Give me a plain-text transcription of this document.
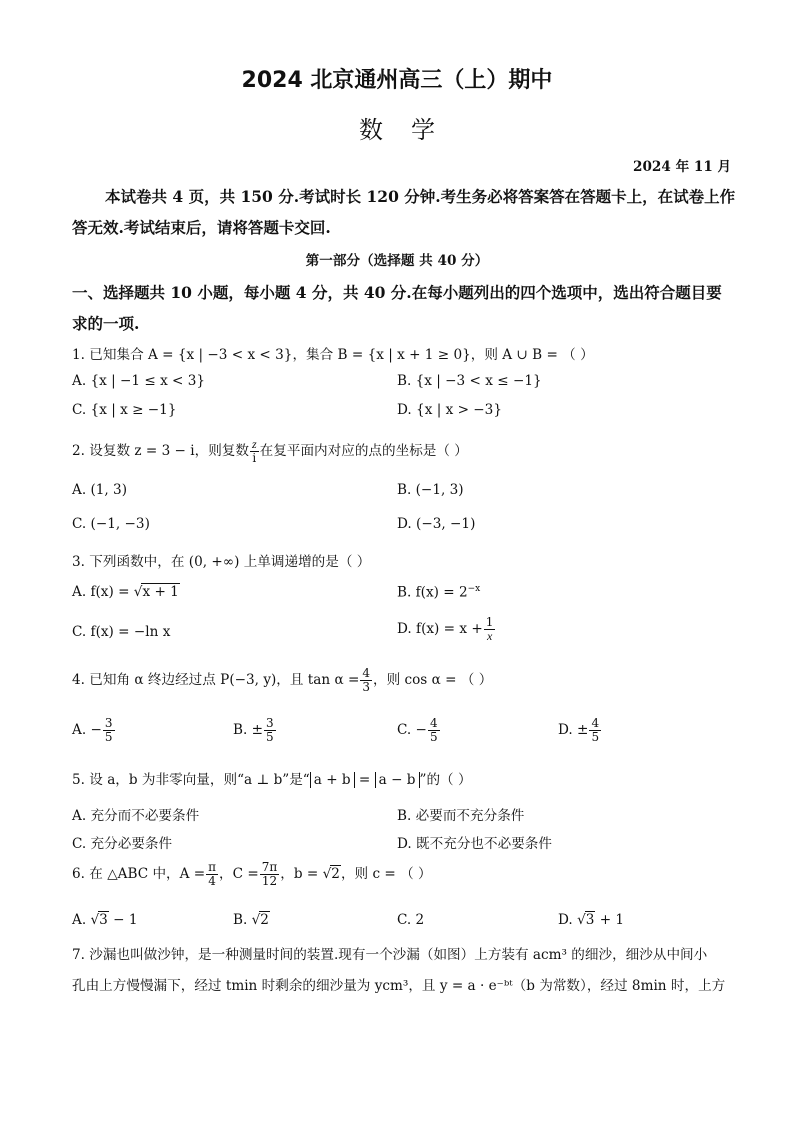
2024 北京通州高三（上）期中
数学
2024 年 11 月
本试卷共 4 页，共 150 分.考试时长 120 分钟.考生务必将答案答在答题卡上，在试卷上作
答无效.考试结束后，请将答题卡交回.
第一部分（选择题 共 40 分）
一、选择题共 10 小题，每小题 4 分，共 40 分.在每小题列出的四个选项中，选出符合题目要
求的一项.
1. 已知集合 A = {x | −3 < x < 3}，集合 B = {x | x + 1 ≥ 0}，则 A ∪ B = （ ）
A. {x | −1 ≤ x < 3}	B. {x | −3 < x ≤ −1}
C. {x | x ≥ −1}	D. {x | x > −3}
2. 设复数 z = 3 − i，则复数 $\frac{z}{i}$ 在复平面内对应的点的坐标是（ ）
A. (1, 3)	B. (−1, 3)
C. (−1, −3)	D. (−3, −1)
3. 下列函数中，在 (0, +∞) 上单调递增的是（ ）
A. f(x) = √x + 1	B. $f(x) = 2^{-x}$
C. f(x) = −ln x	D. $f(x) = x + \frac{1}{x}$
4. 已知角 α 终边经过点 P(−3, y)，且 $\tan \alpha = \frac{4}{3}$ ，则 cos α = （ ）
A. − $\frac{3}{5}$	B. ± $\frac{3}{5}$	C. − $\frac{4}{5}$	D. ± $\frac{4}{5}$
5. 设 a，b 为非零向量，则“a ⊥ b”是“ a + b = a − b ”的（ ）
A. 充分而不必要条件	B. 必要而不充分条件
C. 充分必要条件	D. 既不充分也不必要条件
6. 在 △ABC 中，$A = \frac{\pi}{4}$ ，$C = \frac{7\pi}{12}$ ，b = √2，则 c = （ ）
A. √3 − 1	B. √2	C. 2	D. √3 + 1
7. 沙漏也叫做沙钟，是一种测量时间的装置.现有一个沙漏（如图）上方装有 acm³ 的细沙，细沙从中间小
孔由上方慢慢漏下，经过 tmin 时剩余的细沙量为 ycm³，且 y = a · e⁻ᵇᵗ（b 为常数），经过 8min 时，上方
